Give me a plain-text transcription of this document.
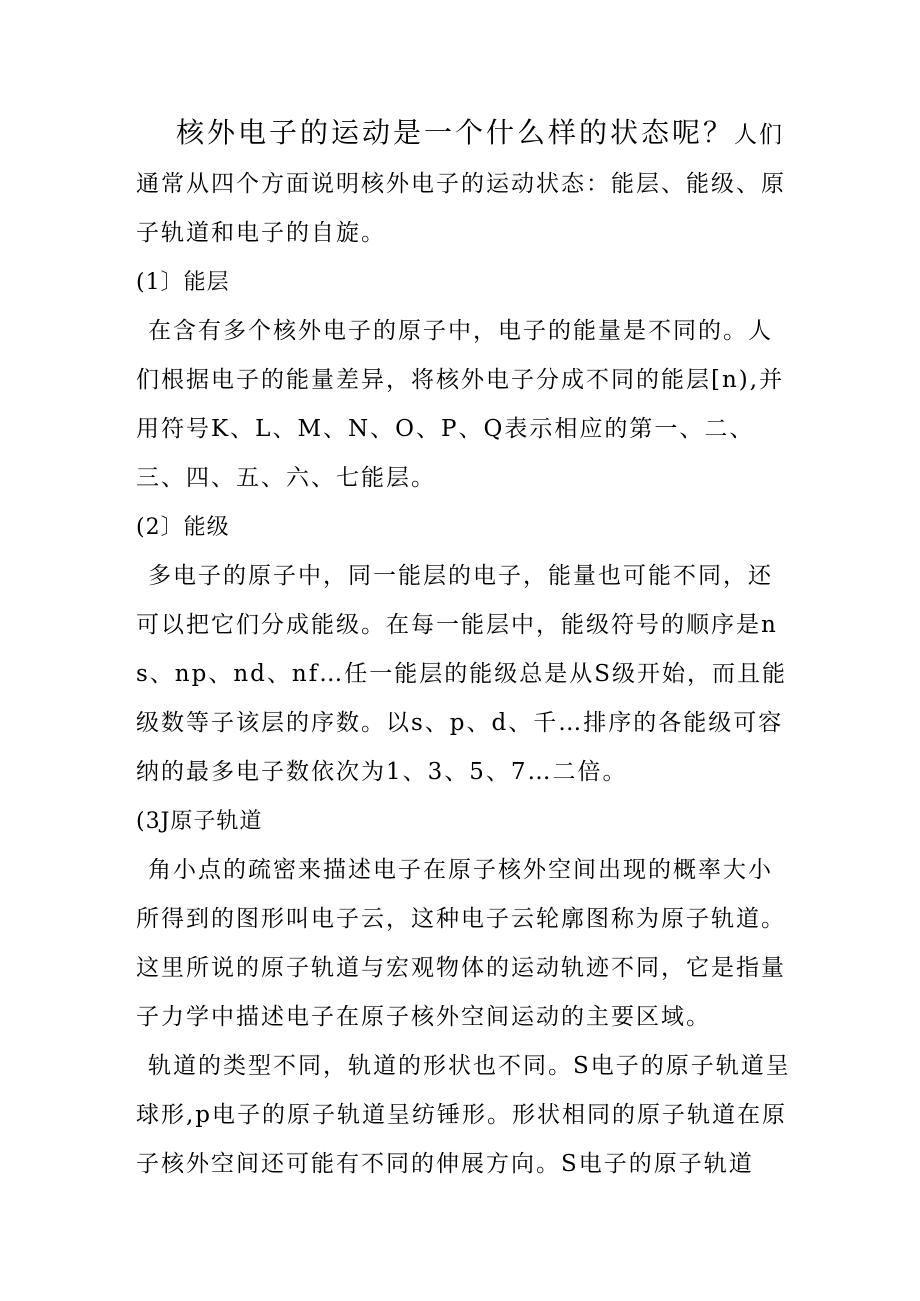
核外电子的运动是一个什么样的状态呢？人们

通常从四个方面说明核外电子的运动状态：能层、能级、原子轨道和电子的自旋。

(1〕能层

在含有多个核外电子的原子中，电子的能量是不同的。人们根据电子的能量差异，将核外电子分成不同的能层[n),并用符号K、L、M、N、O、P、Q表示相应的第一、二、三、四、五、六、七能层。

(2〕能级

多电子的原子中，同一能层的电子，能量也可能不同，还可以把它们分成能级。在每一能层中，能级符号的顺序是ns、np、nd、nf…任一能层的能级总是从S级开始，而且能级数等子该层的序数。以s、p、d、千…排序的各能级可容纳的最多电子数依次为1、3、5、7…二倍。

(3J原子轨道

角小点的疏密来描述电子在原子核外空间出现的概率大小所得到的图形叫电子云，这种电子云轮廓图称为原子轨道。这里所说的原子轨道与宏观物体的运动轨迹不同，它是指量子力学中描述电子在原子核外空间运动的主要区域。

轨道的类型不同，轨道的形状也不同。S电子的原子轨道呈球形,p电子的原子轨道呈纺锤形。形状相同的原子轨道在原子核外空间还可能有不同的伸展方向。S电子的原子轨道
